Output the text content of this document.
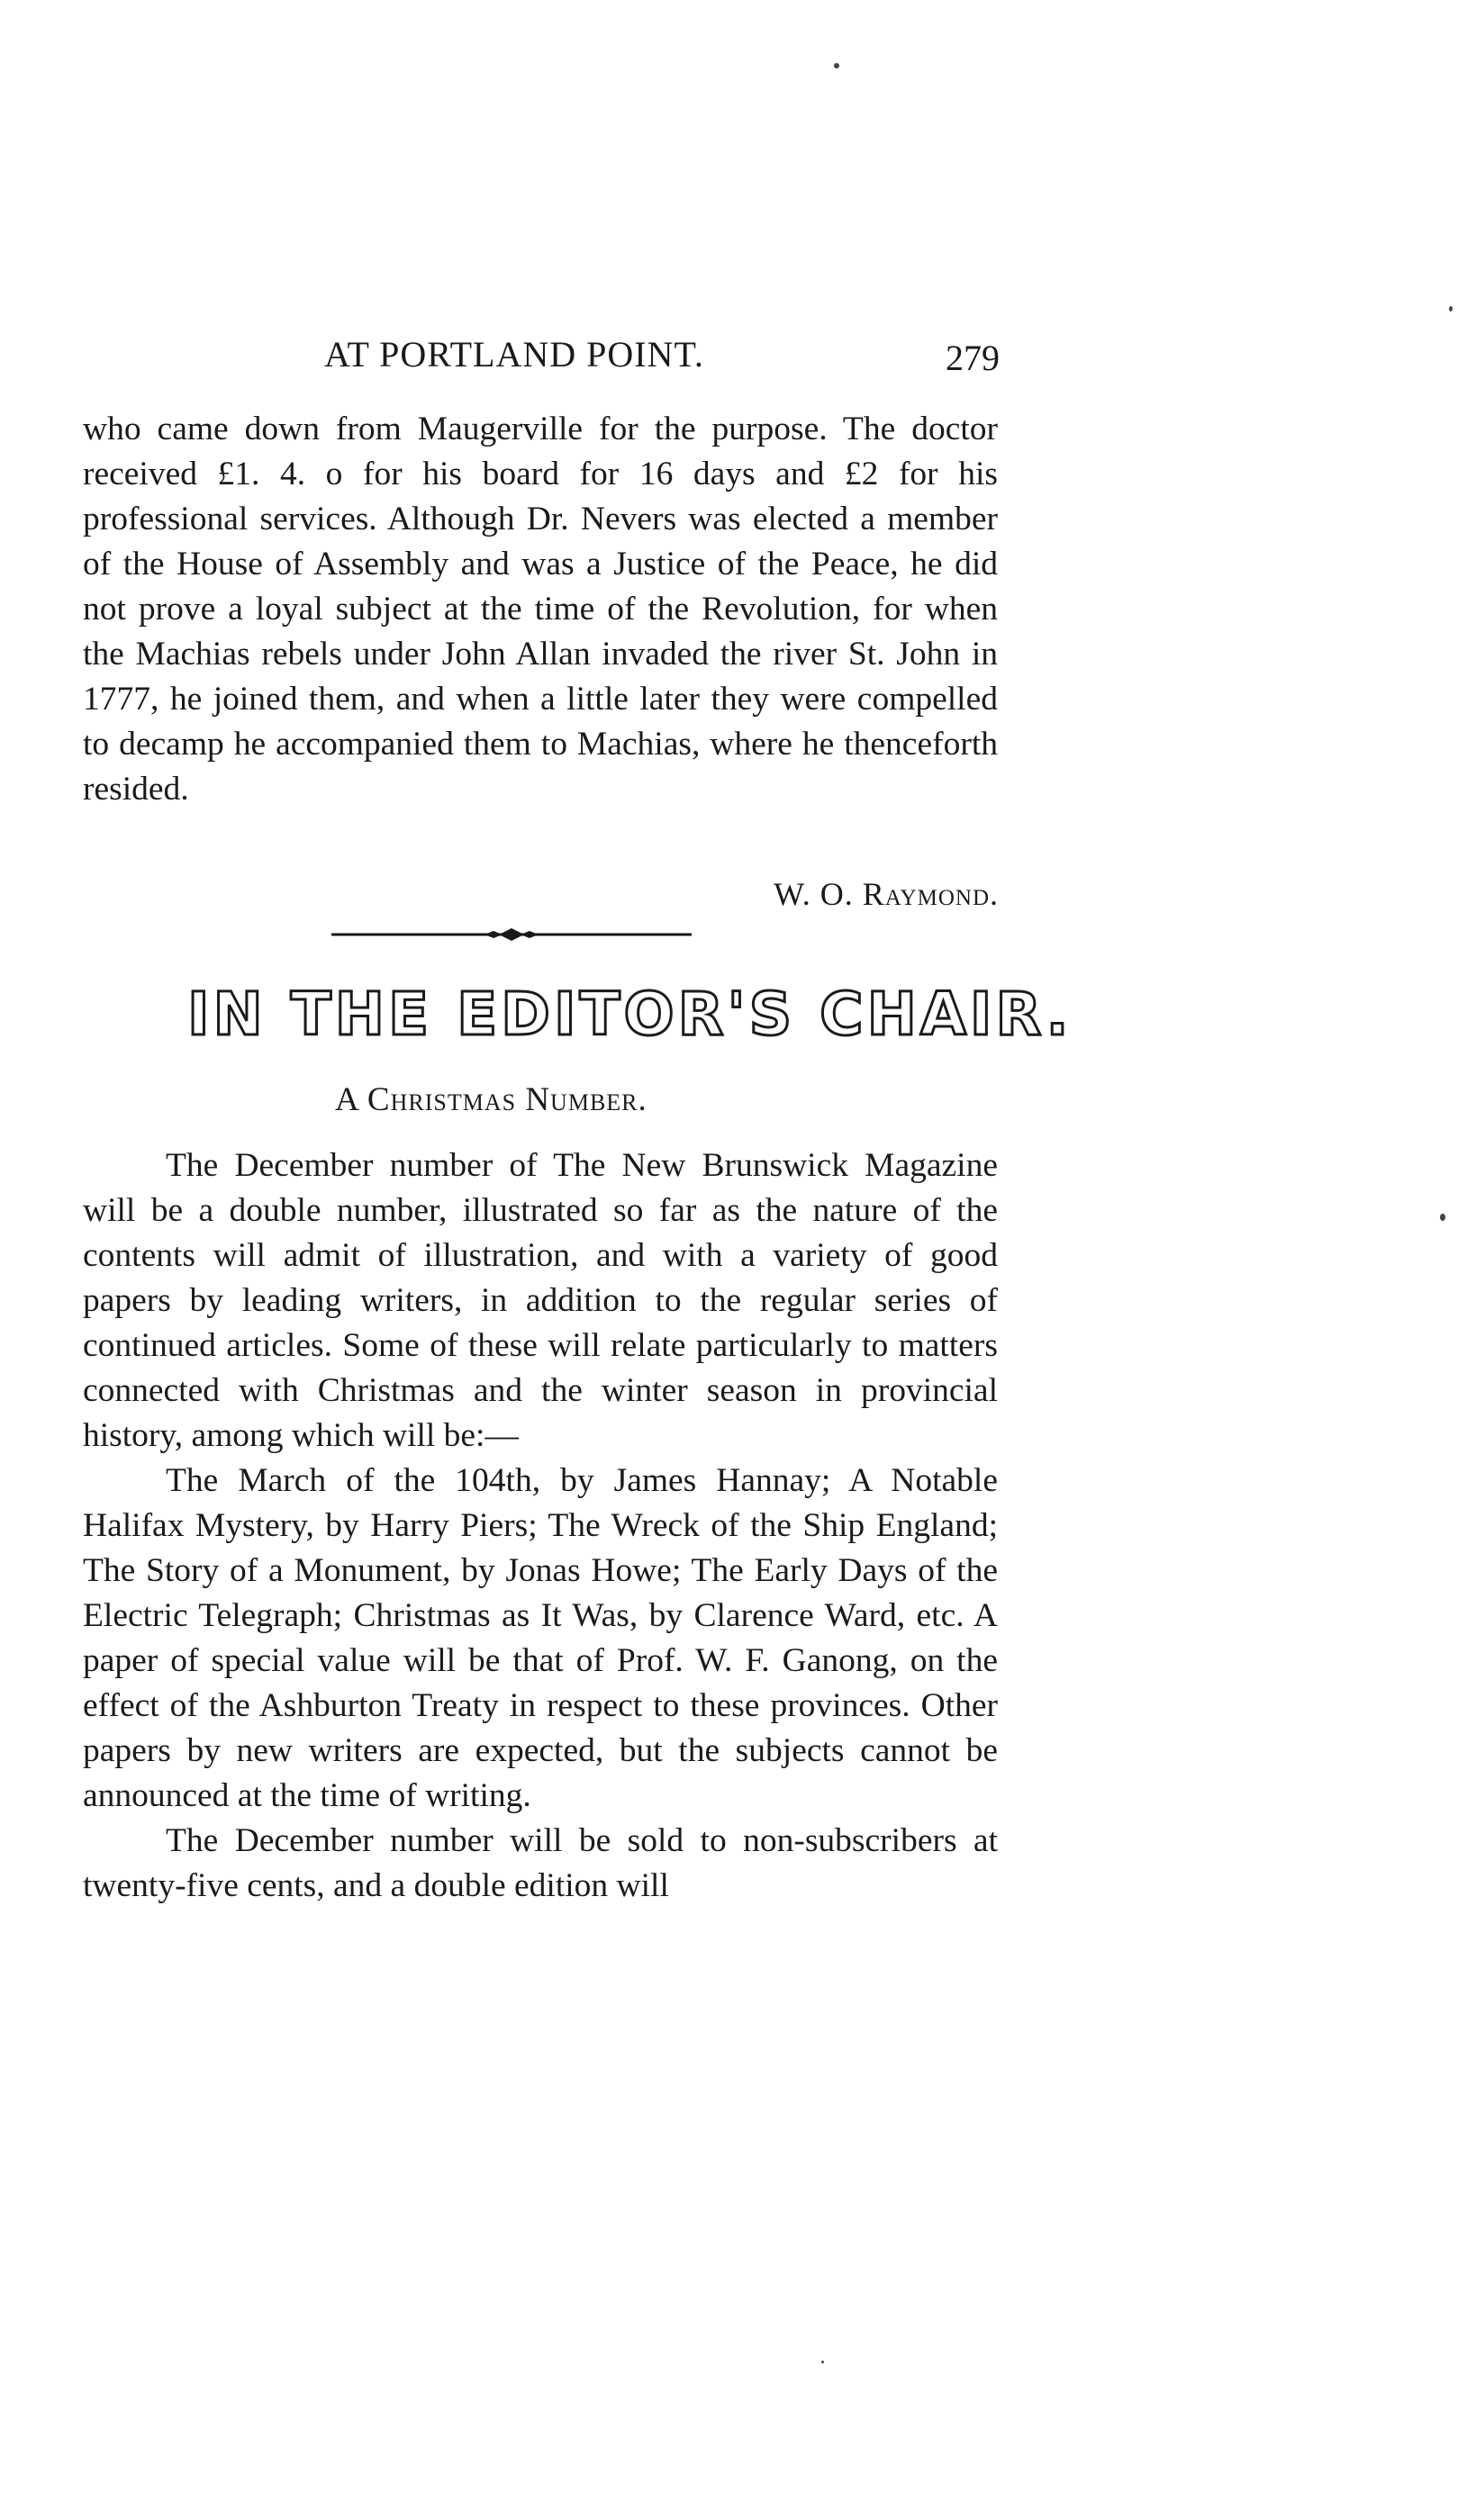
AT PORTLAND POINT.	279

who came down from Maugerville for the purpose. The doctor received £1. 4. o for his board for 16 days and £2 for his professional services. Although Dr. Nevers was elected a member of the House of Assembly and was a Justice of the Peace, he did not prove a loyal subject at the time of the Revolution, for when the Machias rebels under John Allan invaded the river St. John in 1777, he joined them, and when a little later they were compelled to decamp he accompanied them to Machias, where he thenceforth resided.

W. O. Raymond.
IN THE EDITOR'S CHAIR.
A Christmas Number.

The December number of The New Brunswick Magazine will be a double number, illustrated so far as the nature of the contents will admit of illustration, and with a variety of good papers by leading writers, in addition to the regular series of continued articles. Some of these will relate particularly to matters connected with Christmas and the winter season in provincial history, among which will be:—

The March of the 104th, by James Hannay; A Notable Halifax Mystery, by Harry Piers; The Wreck of the Ship England; The Story of a Monument, by Jonas Howe; The Early Days of the Electric Telegraph; Christmas as It Was, by Clarence Ward, etc. A paper of special value will be that of Prof. W. F. Ganong, on the effect of the Ashburton Treaty in respect to these provinces. Other papers by new writers are expected, but the subjects cannot be announced at the time of writing.

The December number will be sold to non-subscribers at twenty-five cents, and a double edition will
